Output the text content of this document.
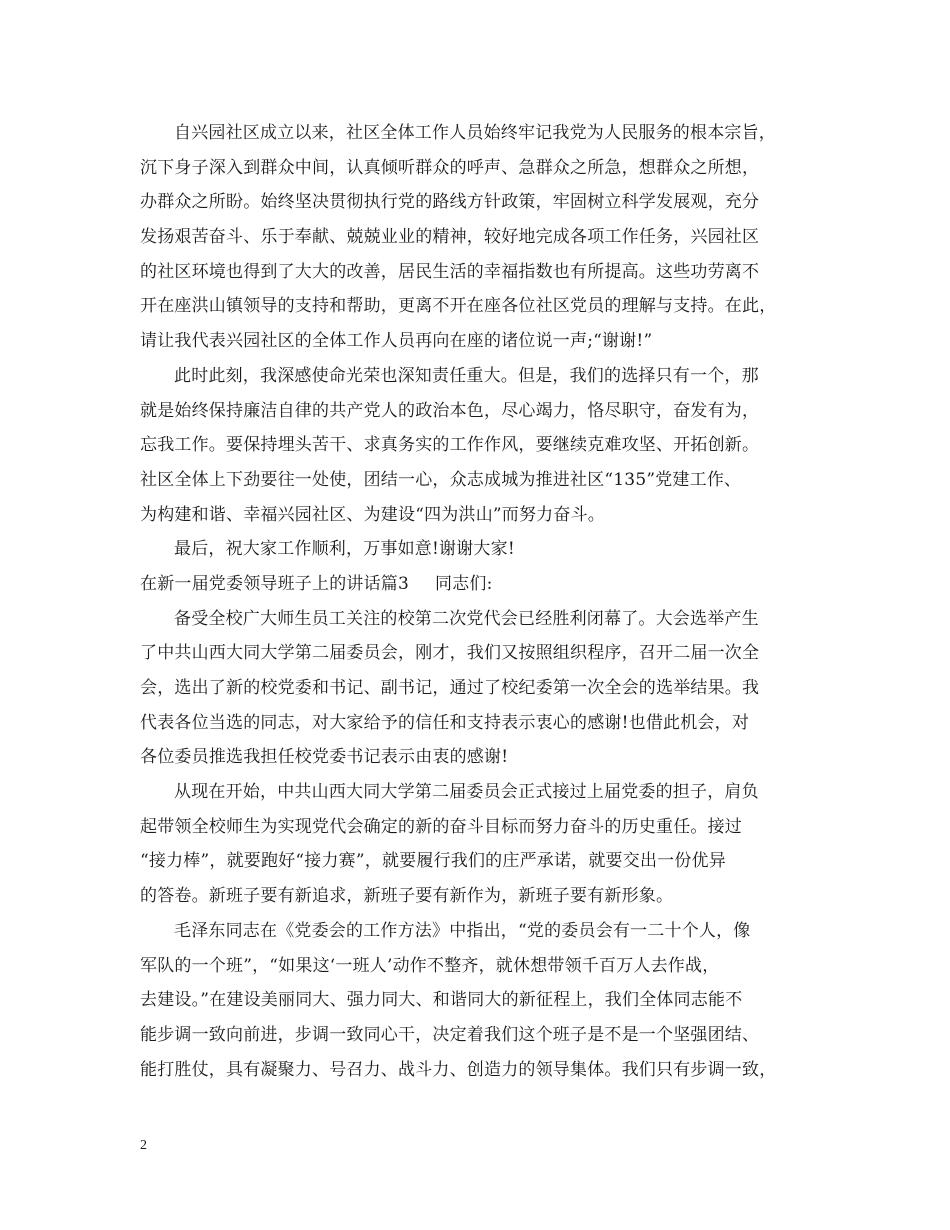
自兴园社区成立以来，社区全体工作人员始终牢记我党为人民服务的根本宗旨，
沉下身子深入到群众中间，认真倾听群众的呼声、急群众之所急，想群众之所想，
办群众之所盼。始终坚决贯彻执行党的路线方针政策，牢固树立科学发展观，充分
发扬艰苦奋斗、乐于奉献、兢兢业业的精神，较好地完成各项工作任务，兴园社区
的社区环境也得到了大大的改善，居民生活的幸福指数也有所提高。这些功劳离不
开在座洪山镇领导的支持和帮助，更离不开在座各位社区党员的理解与支持。在此，
请让我代表兴园社区的全体工作人员再向在座的诸位说一声;“谢谢!”
此时此刻，我深感使命光荣也深知责任重大。但是，我们的选择只有一个，那
就是始终保持廉洁自律的共产党人的政治本色，尽心竭力，恪尽职守，奋发有为，
忘我工作。要保持埋头苦干、求真务实的工作作风，要继续克难攻坚、开拓创新。
社区全体上下劲要往一处使，团结一心，众志成城为推进社区“135”党建工作、
为构建和谐、幸福兴园社区、为建设“四为洪山”而努力奋斗。
最后，祝大家工作顺利，万事如意!谢谢大家!
在新一届党委领导班子上的讲话篇3 同志们:
备受全校广大师生员工关注的校第二次党代会已经胜利闭幕了。大会选举产生
了中共山西大同大学第二届委员会，刚才，我们又按照组织程序，召开二届一次全
会，选出了新的校党委和书记、副书记，通过了校纪委第一次全会的选举结果。我
代表各位当选的同志，对大家给予的信任和支持表示衷心的感谢!也借此机会，对
各位委员推选我担任校党委书记表示由衷的感谢!
从现在开始，中共山西大同大学第二届委员会正式接过上届党委的担子，肩负
起带领全校师生为实现党代会确定的新的奋斗目标而努力奋斗的历史重任。接过
“接力棒”，就要跑好“接力赛”，就要履行我们的庄严承诺，就要交出一份优异
的答卷。新班子要有新追求，新班子要有新作为，新班子要有新形象。
毛泽东同志在《党委会的工作方法》中指出，“党的委员会有一二十个人，像
军队的一个班”，“如果这‘一班人’动作不整齐，就休想带领千百万人去作战，
去建设。”在建设美丽同大、强力同大、和谐同大的新征程上，我们全体同志能不
能步调一致向前进，步调一致同心干，决定着我们这个班子是不是一个坚强团结、
能打胜仗，具有凝聚力、号召力、战斗力、创造力的领导集体。我们只有步调一致，
2
